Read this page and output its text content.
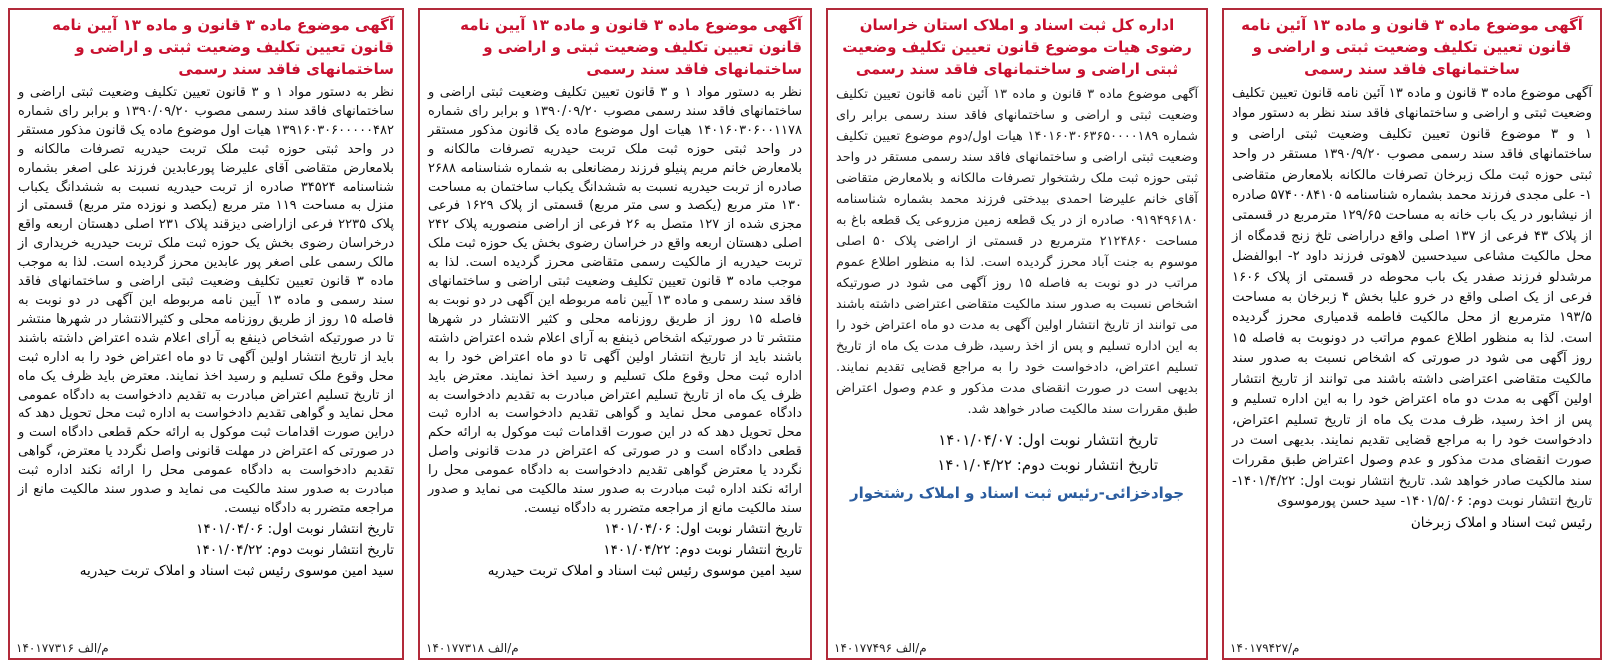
آگهی موضوع ماده ۳ قانون و ماده ۱۳ آئین نامه قانون تعیین تکلیف وضعیت ثبتی و اراضی و ساختمانهای فاقد سند رسمی

آگهی موضوع ماده ۳ قانون و ماده ۱۳ آئین نامه قانون تعیین تکلیف وضعیت ثبتی و اراضی و ساختمانهای فاقد سند نظر به دستور مواد ۱ و ۳ موضوع قانون تعیین تکلیف وضعیت ثبتی اراضی و ساختمانهای فاقد سند رسمی مصوب ۱۳۹۰/۹/۲۰ مستقر در واحد ثبتی حوزه ثبت ملک زبرخان تصرفات مالکانه بلامعارض متقاضی ۱- علی مجدی فرزند محمد بشماره شناسنامه ۵۷۴۰۰۸۴۱۰۵ صادره از نیشابور در یک باب خانه به مساحت ۱۲۹/۶۵ مترمربع در قسمتی از پلاک ۴۳ فرعی از ۱۳۷ اصلی واقع دراراضی تلخ زنج قدمگاه از محل مالکیت مشاعی سیدحسین لاهوتی فرزند داود ۲- ابوالفضل مرشدلو فرزند صفدر یک باب محوطه در قسمتی از پلاک ۱۶۰۶ فرعی از یک اصلی واقع در خرو علیا بخش ۴ زبرخان به مساحت ۱۹۳/۵ مترمربع از محل مالکیت فاطمه قدمیاری محرز گردیده است. لذا به منظور اطلاع عموم مراتب در دونوبت به فاصله ۱۵ روز آگهی می شود در صورتی که اشخاص نسبت به صدور سند مالکیت متقاضی اعتراضی داشته باشند می توانند از تاریخ انتشار اولین آگهی به مدت دو ماه اعتراض خود را به این اداره تسلیم و پس از اخذ رسید، ظرف مدت یک ماه از تاریخ تسلیم اعتراض، دادخواست خود را به مراجع قضایی تقدیم نمایند. بدیهی است در صورت انقضای مدت مذکور و عدم وصول اعتراض طبق مقررات سند مالکیت صادر خواهد شد. تاریخ انتشار نوبت اول: ۱۴۰۱/۴/۲۲- تاریخ انتشار نوبت دوم: ۱۴۰۱/۵/۰۶- سید حسن پورموسوی

رئیس ثبت اسناد و املاک زبرخان

م/۱۴۰۱۷۹۴۲۷
اداره کل ثبت اسناد و املاک استان خراسان رضوی هیات موضوع قانون تعیین تکلیف وضعیت ثبتی اراضی و ساختمانهای فاقد سند رسمی

آگهی موضوع ماده ۳ قانون و ماده ۱۳ آئین نامه قانون تعیین تکلیف وضعیت ثبتی و اراضی و ساختمانهای فاقد سند رسمی برابر رای شماره ۱۴۰۱۶۰۳۰۶۳۶۵۰۰۰۰۱۸۹ هیات اول/دوم موضوع تعیین تکلیف وضعیت ثبتی اراضی و ساختمانهای فاقد سند رسمی مستقر در واحد ثبتی حوزه ثبت ملک رشتخوار تصرفات مالکانه و بلامعارض متقاضی آقای خانم علیرضا احمدی بیدختی فرزند محمد بشماره شناسنامه ۰۹۱۹۴۹۶۱۸۰ صادره از در یک قطعه زمین مزروعی یک قطعه باغ به مساحت ۲۱۲۴۸۶۰ مترمربع در قسمتی از اراضی پلاک ۵۰ اصلی موسوم به جنت آباد محرز گردیده است. لذا به منظور اطلاع عموم مراتب در دو نوبت به فاصله ۱۵ روز آگهی می شود در صورتیکه اشخاص نسبت به صدور سند مالکیت متقاضی اعتراضی داشته باشند می توانند از تاریخ انتشار اولین آگهی به مدت دو ماه اعتراض خود را به این اداره تسلیم و پس از اخذ رسید، ظرف مدت یک ماه از تاریخ تسلیم اعتراض، دادخواست خود را به مراجع قضایی تقدیم نمایند. بدیهی است در صورت انقضای مدت مذکور و عدم وصول اعتراض طبق مقررات سند مالکیت صادر خواهد شد.

تاریخ انتشار نوبت اول: ۱۴۰۱/۰۴/۰۷

تاریخ انتشار نوبت دوم: ۱۴۰۱/۰۴/۲۲

جوادخزائی-رئیس ثبت اسناد و املاک رشتخوار
م/الف ۱۴۰۱۷۷۴۹۶
آگهی موضوع ماده ۳ قانون و ماده ۱۳ آیین نامه قانون تعیین تکلیف وضعیت ثبتی و اراضی و ساختمانهای فاقد سند رسمی

نظر به دستور مواد ۱ و ۳ قانون تعیین تکلیف وضعیت ثبتی اراضی و ساختمانهای فاقد سند رسمی مصوب ۱۳۹۰/۰۹/۲۰ و برابر رای شماره ۱۴۰۱۶۰۳۰۶۰۰۱۱۷۸ هیات اول موضوع ماده یک قانون مذکور مستقر در واحد ثبتی حوزه ثبت ملک تربت حیدریه تصرفات مالکانه و بلامعارض خانم مریم پنیلو فرزند رمضانعلی به شماره شناسنامه ۲۶۸۸ صادره از تربت حیدریه نسبت به ششدانگ یکباب ساختمان به مساحت ۱۳۰ متر مربع (یکصد و سی متر مربع) قسمتی از پلاک ۱۶۲۹ فرعی مجزی شده از ۱۲۷ متصل به ۲۶ فرعی از اراضی منصوریه پلاک ۲۴۲ اصلی دهستان اربعه واقع در خراسان رضوی بخش یک حوزه ثبت ملک تربت حیدریه از مالکیت رسمی متقاضی محرز گردیده است. لذا به موجب ماده ۳ قانون تعیین تکلیف وضعیت ثبتی اراضی و ساختمانهای فاقد سند رسمی و ماده ۱۳ آیین نامه مربوطه این آگهی در دو نوبت به فاصله ۱۵ روز از طریق روزنامه محلی و کثیر الانتشار در شهرها منتشر تا در صورتیکه اشخاص ذینفع به آرای اعلام شده اعتراض داشته باشند باید از تاریخ انتشار اولین آگهی تا دو ماه اعتراض خود را به اداره ثبت محل وقوع ملک تسلیم و رسید اخذ نمایند. معترض باید ظرف یک ماه از تاریخ تسلیم اعتراض مبادرت به تقدیم دادخواست به دادگاه عمومی محل نماید و گواهی تقدیم دادخواست به اداره ثبت محل تحویل دهد که در این صورت اقدامات ثبت موکول به ارائه حکم قطعی دادگاه است و در صورتی که اعتراض در مدت قانونی واصل نگردد یا معترض گواهی تقدیم دادخواست به دادگاه عمومی محل را ارائه نکند اداره ثبت مبادرت به صدور سند مالکیت می نماید و صدور سند مالکیت مانع از مراجعه متضرر به دادگاه نیست.

تاریخ انتشار نوبت اول: ۱۴۰۱/۰۴/۰۶

تاریخ انتشار نوبت دوم: ۱۴۰۱/۰۴/۲۲

سید امین موسوی رئیس ثبت اسناد و املاک تربت حیدریه

م/الف ۱۴۰۱۷۷۳۱۸
آگهی موضوع ماده ۳ قانون و ماده ۱۳ آیین نامه قانون تعیین تکلیف وضعیت ثبتی و اراضی و ساختمانهای فاقد سند رسمی

نظر به دستور مواد ۱ و ۳ قانون تعیین تکلیف وضعیت ثبتی اراضی و ساختمانهای فاقد سند رسمی مصوب ۱۳۹۰/۰۹/۲۰ و برابر رای شماره ۱۳۹۱۶۰۳۰۶۰۰۰۰۰۴۸۲ هیات اول موضوع ماده یک قانون مذکور مستقر در واحد ثبتی حوزه ثبت ملک تربت حیدریه تصرفات مالکانه و بلامعارض متقاضی آقای علیرضا پورعابدین فرزند علی اصغر بشماره شناسنامه ۳۴۵۲۴ صادره از تربت حیدریه نسبت به ششدانگ یکباب منزل به مساحت ۱۱۹ متر مربع (یکصد و نوزده متر مربع) قسمتی از پلاک ۲۲۳۵ فرعی ازاراضی دیزقند پلاک ۲۳۱ اصلی دهستان اربعه واقع درخراسان رضوی بخش یک حوزه ثبت ملک تربت حیدریه خریداری از مالک رسمی علی اصغر پور عابدین محرز گردیده است. لذا به موجب ماده ۳ قانون تعیین تکلیف وضعیت ثبتی اراضی و ساختمانهای فاقد سند رسمی و ماده ۱۳ آیین نامه مربوطه این آگهی در دو نوبت به فاصله ۱۵ روز از طریق روزنامه محلی و کثیرالانتشار در شهرها منتشر تا در صورتیکه اشخاص ذینفع به آرای اعلام شده اعتراض داشته باشند باید از تاریخ انتشار اولین آگهی تا دو ماه اعتراض خود را به اداره ثبت محل وقوع ملک تسلیم و رسید اخذ نمایند. معترض باید ظرف یک ماه از تاریخ تسلیم اعتراض مبادرت به تقدیم دادخواست به دادگاه عمومی محل نماید و گواهی تقدیم دادخواست به اداره ثبت محل تحویل دهد که دراین صورت اقدامات ثبت موکول به ارائه حکم قطعی دادگاه است و در صورتی که اعتراض در مهلت قانونی واصل نگردد یا معترض، گواهی تقدیم دادخواست به دادگاه عمومی محل را ارائه نکند اداره ثبت مبادرت به صدور سند مالکیت می نماید و صدور سند مالکیت مانع از مراجعه متضرر به دادگاه نیست.

تاریخ انتشار نوبت اول: ۱۴۰۱/۰۴/۰۶

تاریخ انتشار نوبت دوم: ۱۴۰۱/۰۴/۲۲

سید امین موسوی رئیس ثبت اسناد و املاک تربت حیدریه

م/الف ۱۴۰۱۷۷۳۱۶
